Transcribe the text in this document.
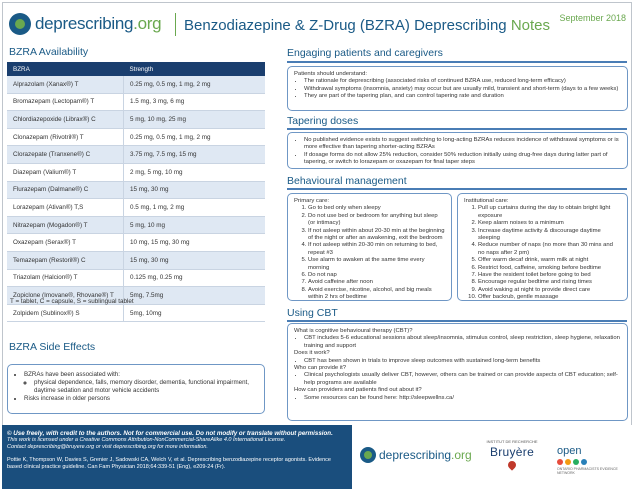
deprescribing.org Benzodiazepine & Z-Drug (BZRA) Deprescribing Notes September 2018
BZRA Availability
BZRA	Strength
Alprazolam (Xanax®) T	0.25 mg, 0.5 mg, 1 mg, 2 mg
Bromazepam (Lectopam®) T	1.5 mg, 3 mg, 6 mg
Chlordiazepoxide (Librax®) C	5 mg, 10 mg, 25 mg
Clonazepam (Rivotril®) T	0.25 mg, 0.5 mg, 1 mg, 2 mg
Clorazepate (Tranxene®) C	3.75 mg, 7.5 mg, 15 mg
Diazepam (Valium®) T	2 mg, 5 mg, 10 mg
Flurazepam (Dalmane®) C	15 mg, 30 mg
Lorazepam (Ativan®) T,S	0.5 mg, 1 mg, 2 mg
Nitrazepam (Mogadon®) T	5 mg, 10 mg
Oxazepam (Serax®) T	10 mg, 15 mg, 30 mg
Temazepam (Restoril®) C	15 mg, 30 mg
Triazolam (Halcion®) T	0.125 mg, 0.25 mg
Zopiclone (Imovane®, Rhovane®) T	5mg, 7.5mg
Zolpidem (Sublinox®) S	5mg, 10mg
T = tablet, C = capsule, S = sublingual tablet
BZRA Side Effects
• BZRAs have been associated with:
◦ physical dependence, falls, memory disorder, dementia, functional impairment, daytime sedation and motor vehicle accidents
• Risks increase in older persons
Engaging patients and caregivers

Patients should understand:

• The rationale for deprescribing (associated risks of continued BZRA use, reduced long-term efficacy)
• Withdrawal symptoms (insomnia, anxiety) may occur but are usually mild, transient and short-term (days to a few weeks)
• They are part of the tapering plan, and can control tapering rate and duration
Tapering doses
• No published evidence exists to suggest switching to long-acting BZRAs reduces incidence of withdrawal symptoms or is more effective than tapering shorter-acting BZRAs
• If dosage forms do not allow 25% reduction, consider 50% reduction initially using drug-free days during latter part of tapering, or switch to lorazepam or oxazepam for final taper steps
Behavioural management
Primary care:
1. Go to bed only when sleepy
2. Do not use bed or bedroom for anything but sleep (or intimacy)
3. If not asleep within about 20-30 min at the beginning of the night or after an awakening, exit the bedroom
4. If not asleep within 20-30 min on returning to bed, repeat #3
5. Use alarm to awaken at the same time every morning
6. Do not nap
7. Avoid caffeine after noon
8. Avoid exercise, nicotine, alcohol, and big meals within 2 hrs of bedtime
Institutional care:
1. Pull up curtains during the day to obtain bright light exposure
2. Keep alarm noises to a minimum
3. Increase daytime activity & discourage daytime sleeping
4. Reduce number of naps (no more than 30 mins and no naps after 2 pm)
5. Offer warm decaf drink, warm milk at night
6. Restrict food, caffeine, smoking before bedtime
7. Have the resident toilet before going to bed
8. Encourage regular bedtime and rising times
9. Avoid waking at night to provide direct care
10. Offer backrub, gentle massage
Using CBT

What is cognitive behavioural therapy (CBT)?

• CBT includes 5-6 educational sessions about sleep/insomnia, stimulus control, sleep restriction, sleep hygiene, relaxation training and support

Does it work?

• CBT has been shown in trials to improve sleep outcomes with sustained long-term benefits

Who can provide it?

• Clinical psychologists usually deliver CBT, however, others can be trained or can provide aspects of CBT education; self-help programs are available

How can providers and patients find out about it?

• Some resources can be found here: http://sleepwellns.ca/
© Use freely, with credit to the authors. Not for commercial use. Do not modify or translate without permission.
This work is licensed under a Creative Commons Attribution-NonCommercial-ShareAlike 4.0 International License.
Contact deprescribing@bruyere.org or visit deprescribing.org for more information.
Pottie K, Thompson W, Davies S, Grenier J, Sadowski CA, Welch V, et al. Deprescribing benzodiazepine receptor agonists. Evidence based clinical practice guideline. Can Fam Physician 2018;64:339-51 (Eng), e209-24 (Fr).
deprescribing.org
INSTITUT DE RECHERCHE
Bruyère	open
ONTARIO PHARMACISTS EVIDENCE NETWORK
